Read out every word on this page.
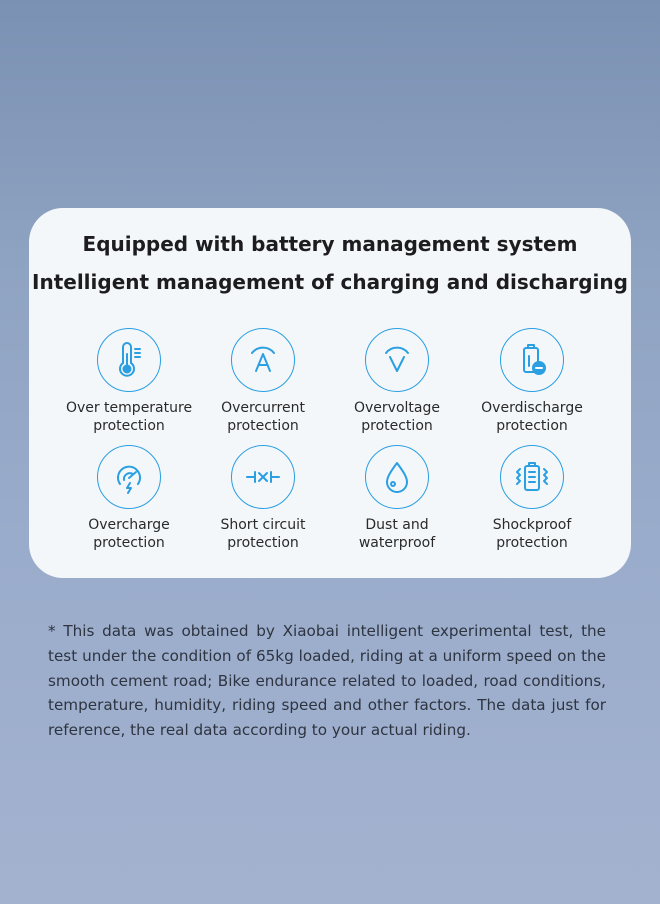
Equipped with battery management system
Intelligent management of charging and discharging
Over temperature
protection
Overcurrent
protection
Overvoltage
protection
Overdischarge
protection
Overcharge
protection
Short circuit
protection
Dust and
waterproof
Shockproof
protection
* This data was obtained by Xiaobai intelligent experimental test, the test under the condition of 65kg loaded, riding at a uniform speed on the smooth cement road; Bike endurance related to loaded, road conditions, temperature, humidity, riding speed and other factors. The data just for reference, the real data according to your actual riding.
